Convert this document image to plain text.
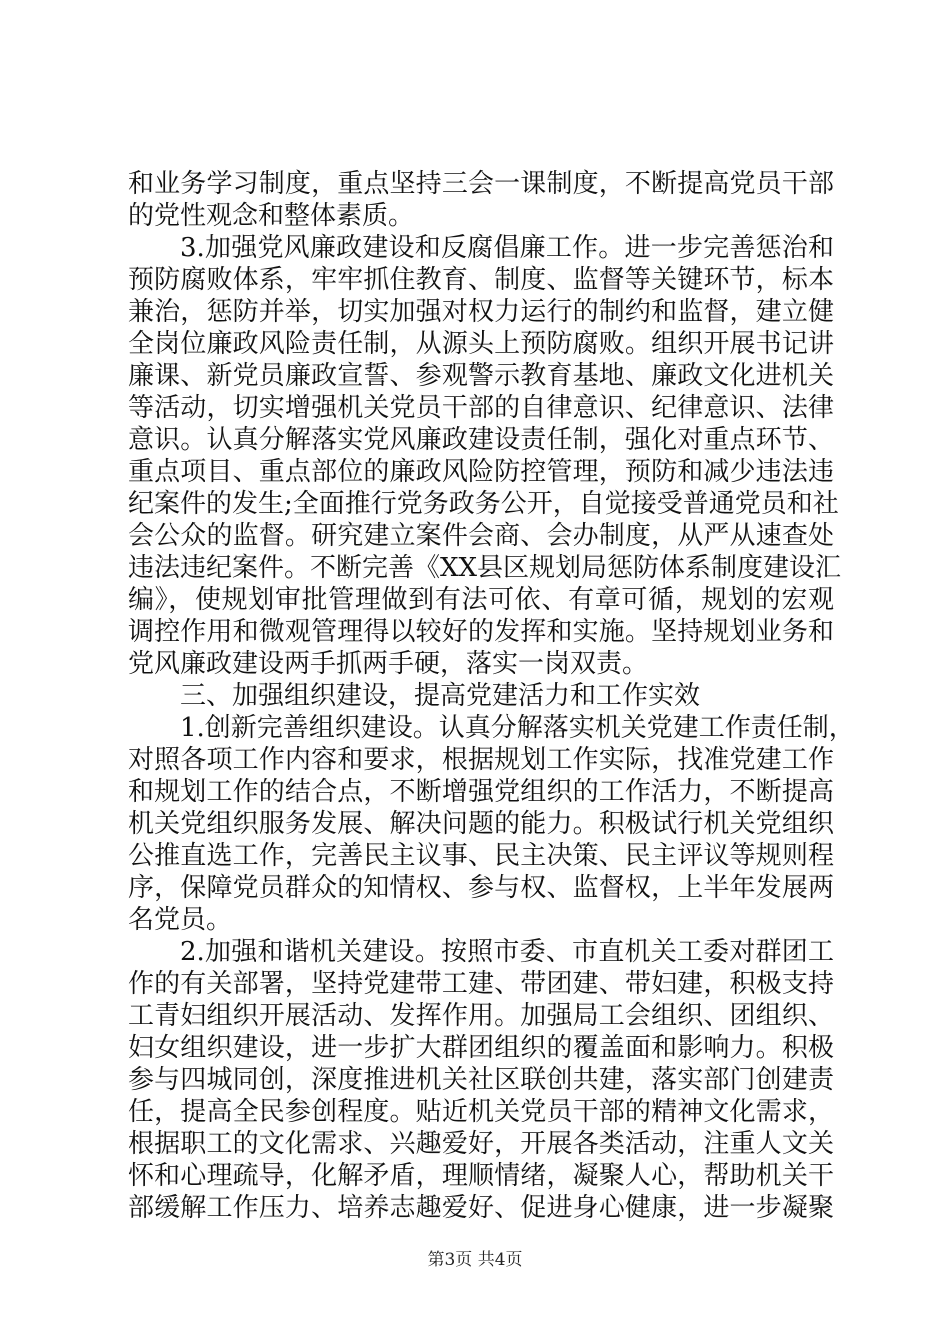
和业务学习制度，重点坚持三会一课制度，不断提高党员干部
的党性观念和整体素质。
3.加强党风廉政建设和反腐倡廉工作。进一步完善惩治和
预防腐败体系，牢牢抓住教育、制度、监督等关键环节，标本
兼治，惩防并举，切实加强对权力运行的制约和监督，建立健
全岗位廉政风险责任制，从源头上预防腐败。组织开展书记讲
廉课、新党员廉政宣誓、参观警示教育基地、廉政文化进机关
等活动，切实增强机关党员干部的自律意识、纪律意识、法律
意识。认真分解落实党风廉政建设责任制，强化对重点环节、
重点项目、重点部位的廉政风险防控管理，预防和减少违法违
纪案件的发生;全面推行党务政务公开，自觉接受普通党员和社
会公众的监督。研究建立案件会商、会办制度，从严从速查处
违法违纪案件。不断完善《XX县区规划局惩防体系制度建设汇
编》，使规划审批管理做到有法可依、有章可循，规划的宏观
调控作用和微观管理得以较好的发挥和实施。坚持规划业务和
党风廉政建设两手抓两手硬，落实一岗双责。
三、加强组织建设，提高党建活力和工作实效
1.创新完善组织建设。认真分解落实机关党建工作责任制，
对照各项工作内容和要求，根据规划工作实际，找准党建工作
和规划工作的结合点，不断增强党组织的工作活力，不断提高
机关党组织服务发展、解决问题的能力。积极试行机关党组织
公推直选工作，完善民主议事、民主决策、民主评议等规则程
序，保障党员群众的知情权、参与权、监督权，上半年发展两
名党员。
2.加强和谐机关建设。按照市委、市直机关工委对群团工
作的有关部署，坚持党建带工建、带团建、带妇建，积极支持
工青妇组织开展活动、发挥作用。加强局工会组织、团组织、
妇女组织建设，进一步扩大群团组织的覆盖面和影响力。积极
参与四城同创，深度推进机关社区联创共建，落实部门创建责
任，提高全民参创程度。贴近机关党员干部的精神文化需求，
根据职工的文化需求、兴趣爱好，开展各类活动，注重人文关
怀和心理疏导，化解矛盾，理顺情绪，凝聚人心，帮助机关干
部缓解工作压力、培养志趣爱好、促进身心健康，进一步凝聚
第3页 共4页
